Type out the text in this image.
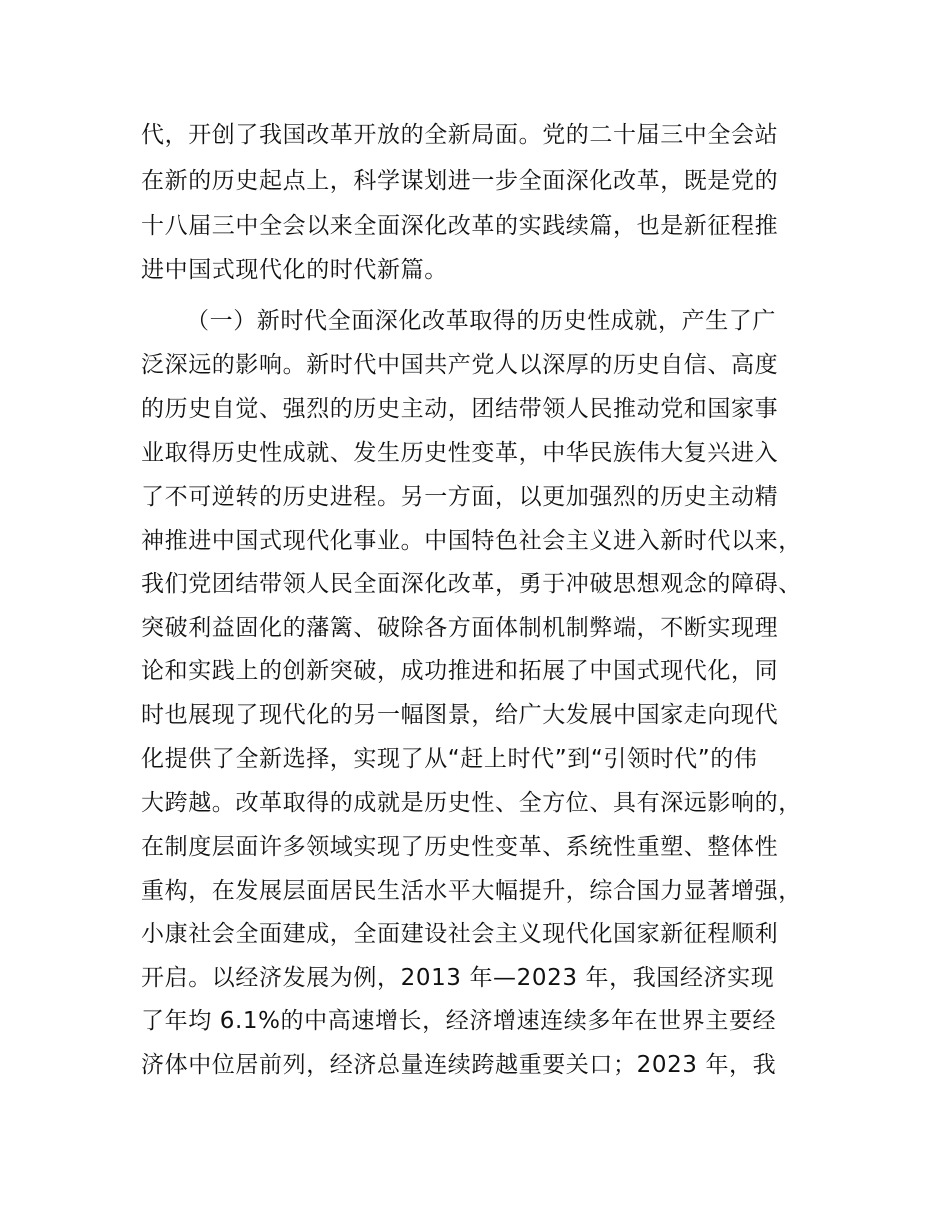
代，开创了我国改革开放的全新局面。党的二十届三中全会站

在新的历史起点上，科学谋划进一步全面深化改革，既是党的

十八届三中全会以来全面深化改革的实践续篇，也是新征程推

进中国式现代化的时代新篇。

（一）新时代全面深化改革取得的历史性成就，产生了广

泛深远的影响。新时代中国共产党人以深厚的历史自信、高度

的历史自觉、强烈的历史主动，团结带领人民推动党和国家事

业取得历史性成就、发生历史性变革，中华民族伟大复兴进入

了不可逆转的历史进程。另一方面，以更加强烈的历史主动精

神推进中国式现代化事业。中国特色社会主义进入新时代以来，

我们党团结带领人民全面深化改革，勇于冲破思想观念的障碍、

突破利益固化的藩篱、破除各方面体制机制弊端，不断实现理

论和实践上的创新突破，成功推进和拓展了中国式现代化，同

时也展现了现代化的另一幅图景，给广大发展中国家走向现代

化提供了全新选择，实现了从“赶上时代”到“引领时代”的伟

大跨越。改革取得的成就是历史性、全方位、具有深远影响的，

在制度层面许多领域实现了历史性变革、系统性重塑、整体性

重构，在发展层面居民生活水平大幅提升，综合国力显著增强，

小康社会全面建成，全面建设社会主义现代化国家新征程顺利

开启。以经济发展为例，2013 年—2023 年，我国经济实现

了年均 6.1%的中高速增长，经济增速连续多年在世界主要经

济体中位居前列，经济总量连续跨越重要关口；2023 年，我
